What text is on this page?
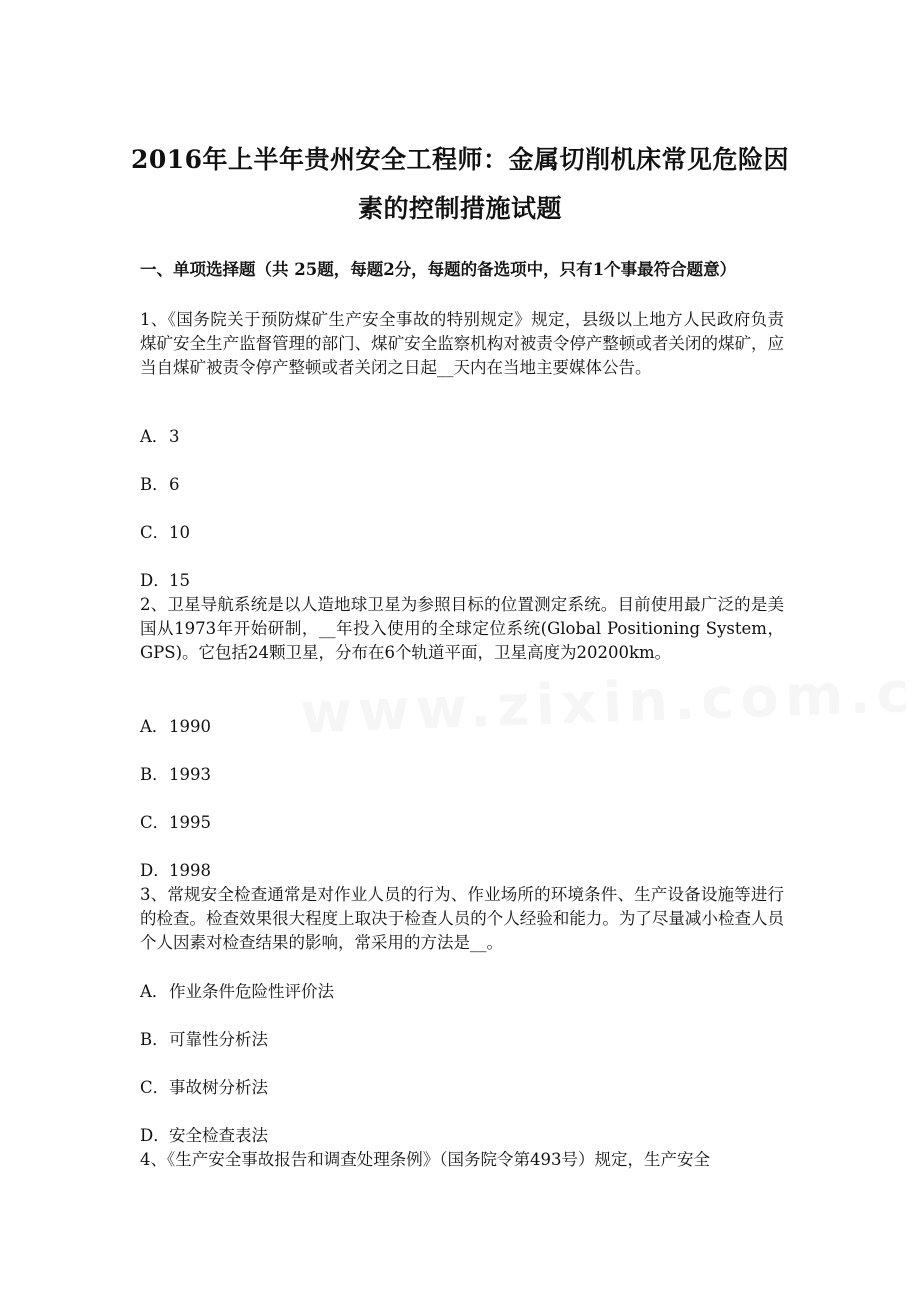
2016年上半年贵州安全工程师：金属切削机床常见危险因
素的控制措施试题
一、单项选择题（共 25题，每题2分，每题的备选项中，只有1个事最符合题意）
1、《国务院关于预防煤矿生产安全事故的特别规定》规定，县级以上地方人民政府负责煤矿安全生产监督管理的部门、煤矿安全监察机构对被责令停产整顿或者关闭的煤矿，应当自煤矿被责令停产整顿或者关闭之日起__天内在当地主要媒体公告。
A．3
B．6
C．10
D．15
2、卫星导航系统是以人造地球卫星为参照目标的位置测定系统。目前使用最广泛的是美国从1973年开始研制，__年投入使用的全球定位系统(Global Positioning System，GPS)。它包括24颗卫星，分布在6个轨道平面，卫星高度为20200km。
A．1990
B．1993
C．1995
D．1998
3、常规安全检查通常是对作业人员的行为、作业场所的环境条件、生产设备设施等进行的检查。检查效果很大程度上取决于检查人员的个人经验和能力。为了尽量减小检查人员个人因素对检查结果的影响，常采用的方法是__。
A．作业条件危险性评价法
B．可靠性分析法
C．事故树分析法
D．安全检查表法
4、《生产安全事故报告和调查处理条例》（国务院令第493号）规定，生产安全
